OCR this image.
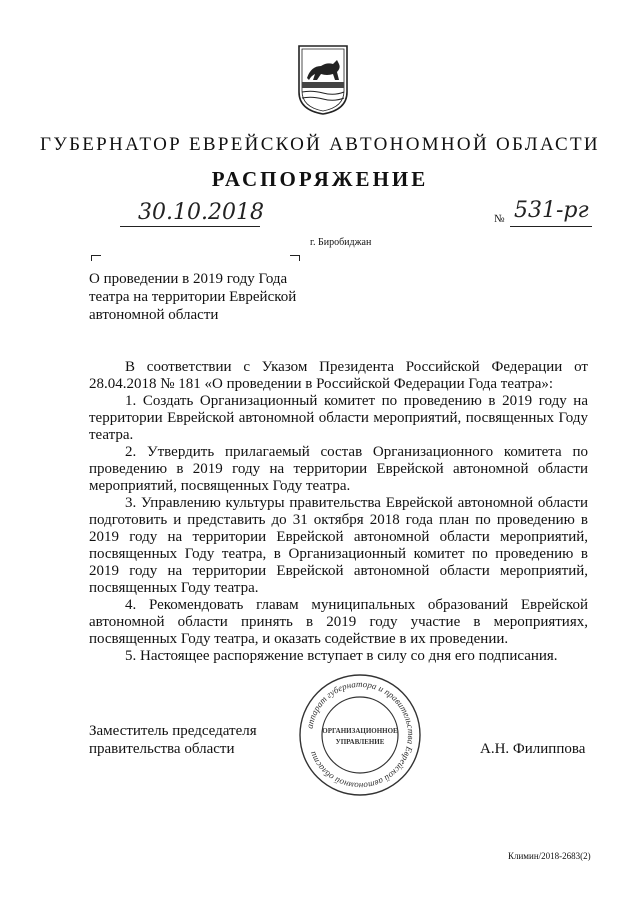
ГУБЕРНАТОР ЕВРЕЙСКОЙ АВТОНОМНОЙ ОБЛАСТИ
РАСПОРЯЖЕНИЕ
30.10.2018	№ 531-рг
г. Биробиджан
О проведении в 2019 году Года
театра на территории Еврейской
автономной области

В соответствии с Указом Президента Российской Федерации от 28.04.2018 № 181 «О проведении в Российской Федерации Года театра»:

1. Создать Организационный комитет по проведению в 2019 году на территории Еврейской автономной области мероприятий, посвященных Году театра.

2. Утвердить прилагаемый состав Организационного комитета по проведению в 2019 году на территории Еврейской автономной области мероприятий, посвященных Году театра.

3. Управлению культуры правительства Еврейской автономной области подготовить и представить до 31 октября 2018 года план по проведению в 2019 году на территории Еврейской автономной области мероприятий, посвященных Году театра, в Организационный комитет по проведению в 2019 году на территории Еврейской автономной области мероприятий, посвященных Году театра.

4. Рекомендовать главам муниципальных образований Еврейской автономной области принять в 2019 году участие в мероприятиях, посвященных Году театра, и оказать содействие в их проведении.

5. Настоящее распоряжение вступает в силу со дня его подписания.

Заместитель председателя
правительства области	А.Н. Филиппова
аппарат губернатора и правительства Еврейской автономной области
ОРГАНИЗАЦИОННОЕ
УПРАВЛЕНИЕ
Климин/2018-2683(2)
